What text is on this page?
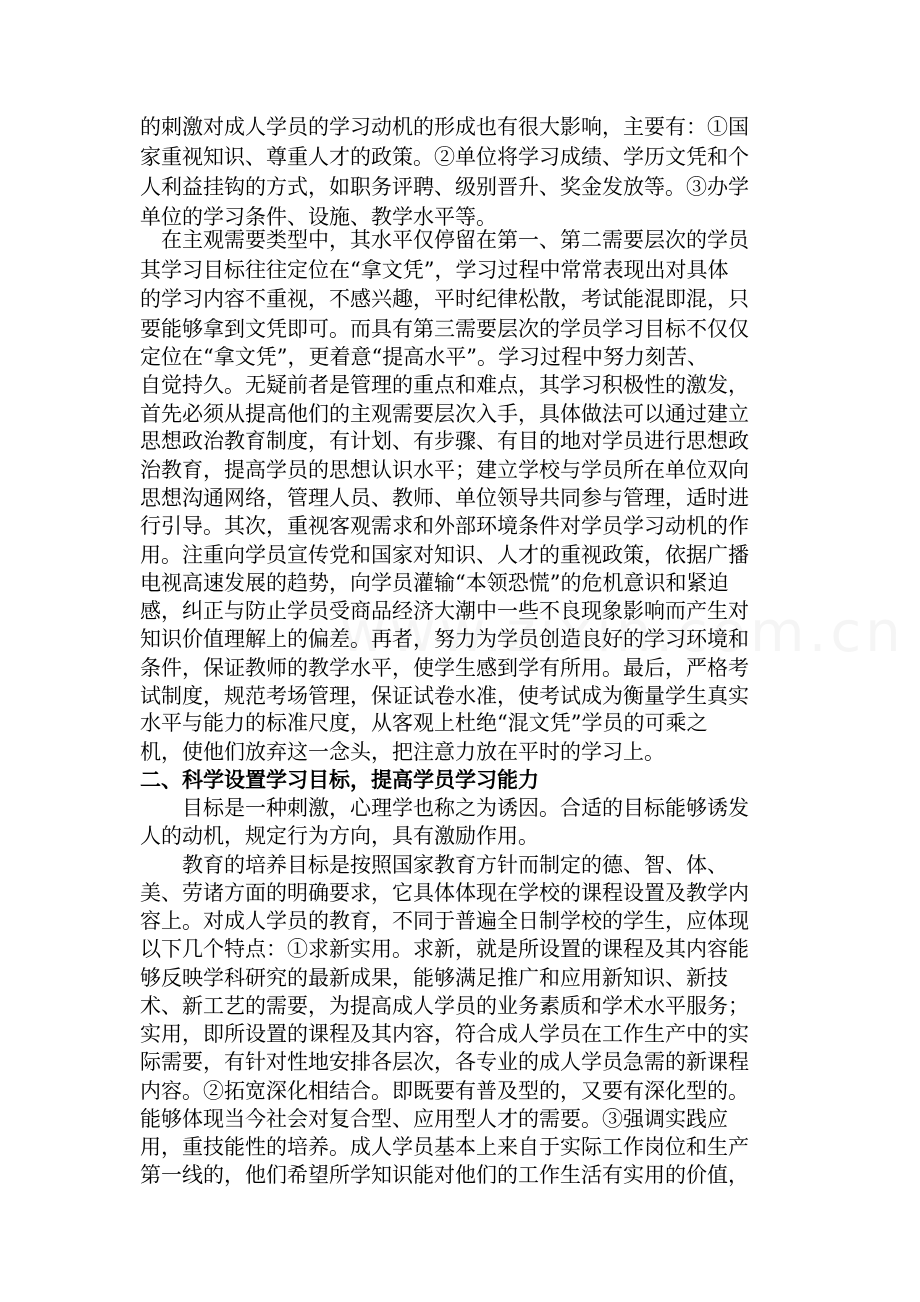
的刺激对成人学员的学习动机的形成也有很大影响，主要有：①国
家重视知识、尊重人才的政策。②单位将学习成绩、学历文凭和个
人利益挂钩的方式，如职务评聘、级别晋升、奖金发放等。③办学
单位的学习条件、设施、教学水平等。
　在主观需要类型中，其水平仅停留在第一、第二需要层次的学员
其学习目标往往定位在“拿文凭”，学习过程中常常表现出对具体
的学习内容不重视，不感兴趣，平时纪律松散，考试能混即混，只
要能够拿到文凭即可。而具有第三需要层次的学员学习目标不仅仅
定位在“拿文凭”，更着意“提高水平”。学习过程中努力刻苦、
自觉持久。无疑前者是管理的重点和难点，其学习积极性的激发，
首先必须从提高他们的主观需要层次入手，具体做法可以通过建立
思想政治教育制度，有计划、有步骤、有目的地对学员进行思想政
治教育，提高学员的思想认识水平；建立学校与学员所在单位双向
思想沟通网络，管理人员、教师、单位领导共同参与管理，适时进
行引导。其次，重视客观需求和外部环境条件对学员学习动机的作
用。注重向学员宣传党和国家对知识、人才的重视政策，依据广播
电视高速发展的趋势，向学员灌输“本领恐慌”的危机意识和紧迫
感，纠正与防止学员受商品经济大潮中一些不良现象影响而产生对
知识价值理解上的偏差。再者，努力为学员创造良好的学习环境和
条件，保证教师的教学水平，使学生感到学有所用。最后，严格考
试制度，规范考场管理，保证试卷水准，使考试成为衡量学生真实
水平与能力的标准尺度，从客观上杜绝“混文凭”学员的可乘之
机，使他们放弃这一念头，把注意力放在平时的学习上。
二、科学设置学习目标，提高学员学习能力
　　目标是一种刺激，心理学也称之为诱因。合适的目标能够诱发
人的动机，规定行为方向，具有激励作用。
　　教育的培养目标是按照国家教育方针而制定的德、智、体、
美、劳诸方面的明确要求，它具体体现在学校的课程设置及教学内
容上。对成人学员的教育，不同于普遍全日制学校的学生，应体现
以下几个特点：①求新实用。求新，就是所设置的课程及其内容能
够反映学科研究的最新成果，能够满足推广和应用新知识、新技
术、新工艺的需要，为提高成人学员的业务素质和学术水平服务；
实用，即所设置的课程及其内容，符合成人学员在工作生产中的实
际需要，有针对性地安排各层次，各专业的成人学员急需的新课程
内容。②拓宽深化相结合。即既要有普及型的，又要有深化型的。
能够体现当今社会对复合型、应用型人才的需要。③强调实践应
用，重技能性的培养。成人学员基本上来自于实际工作岗位和生产
第一线的，他们希望所学知识能对他们的工作生活有实用的价值，
